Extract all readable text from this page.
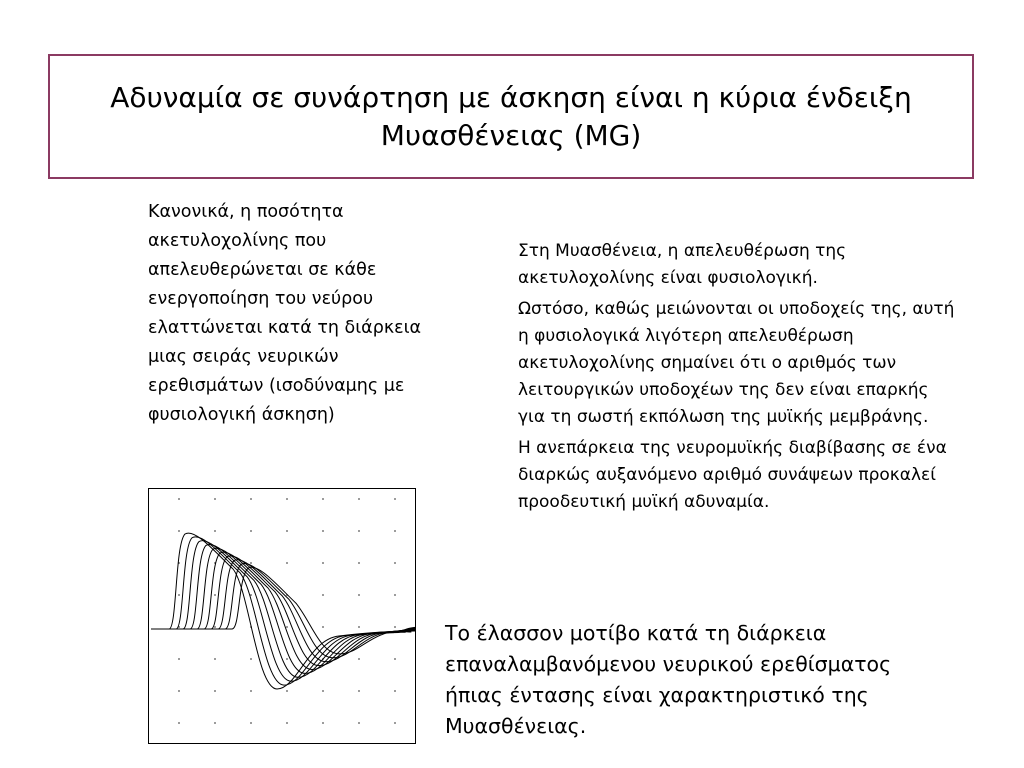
Αδυναμία σε συνάρτηση με άσκηση είναι η κύρια ένδειξη
Μυασθένειας (MG)

Κανονικά, η ποσότητα ακετυλοχολίνης που απελευθερώνεται σε κάθε ενεργοποίηση του νεύρου ελαττώνεται κατά τη διάρκεια μιας σειράς νευρικών ερεθισμάτων (ισοδύναμης με φυσιολογική άσκηση)

Στη Μυασθένεια, η απελευθέρωση της ακετυλοχολίνης είναι φυσιολογική.

Ωστόσο, καθώς μειώνονται οι υποδοχείς της, αυτή η φυσιολογικά λιγότερη απελευθέρωση ακετυλοχολίνης σημαίνει ότι ο αριθμός των λειτουργικών υποδοχέων της δεν είναι επαρκής για τη σωστή εκπόλωση της μυϊκής μεμβράνης.

Η ανεπάρκεια της νευρομυϊκής διαβίβασης σε ένα διαρκώς αυξανόμενο αριθμό συνάψεων προκαλεί προοδευτική μυϊκή αδυναμία.

Το έλασσον μοτίβο κατά τη διάρκεια επαναλαμβανόμενου νευρικού ερεθίσματος ήπιας έντασης είναι χαρακτηριστικό της Μυασθένειας.
